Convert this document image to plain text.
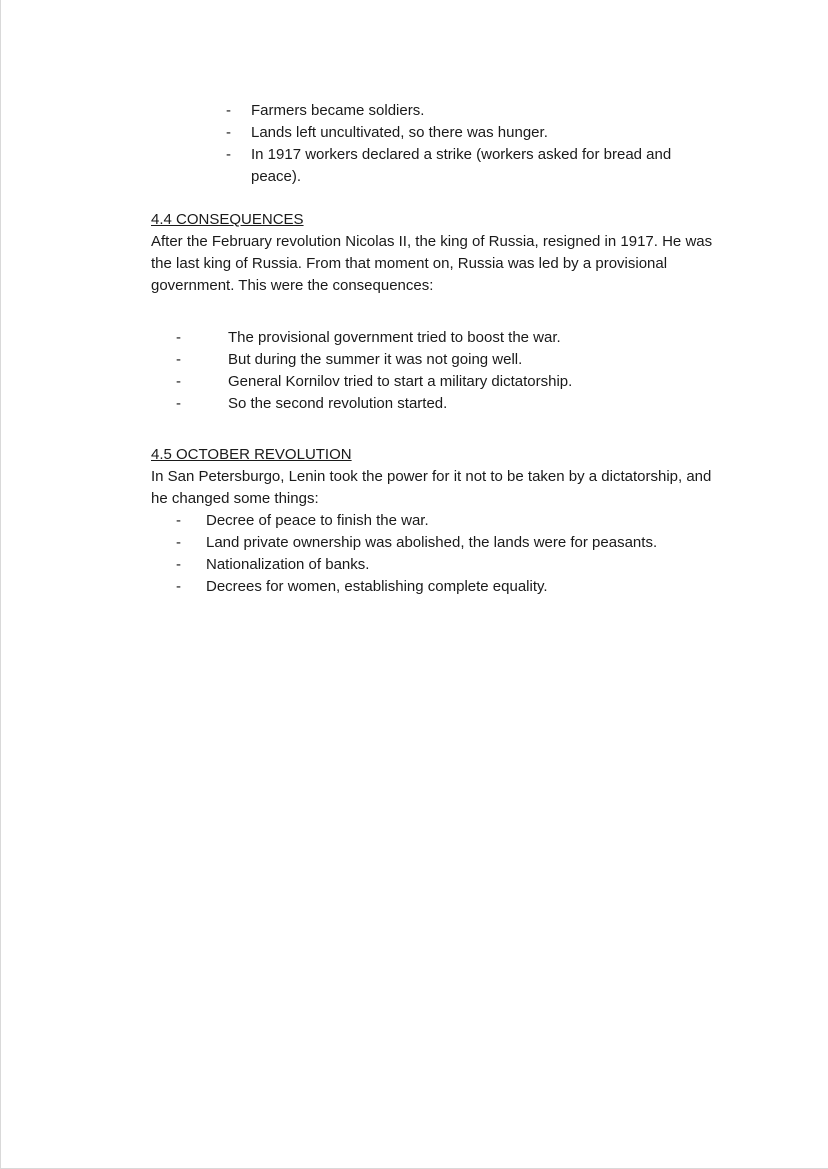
-	Farmers became soldiers.
-	Lands left uncultivated, so there was hunger.
-	In 1917 workers declared a strike (workers asked for bread and peace).
4.4 CONSEQUENCES

After the February revolution Nicolas II, the king of Russia, resigned in 1917. He was the last king of Russia. From that moment on, Russia was led by a provisional government. This were the consequences:

-	The provisional government tried to boost the war.
-	But during the summer it was not going well.
-	General Kornilov tried to start a military dictatorship.
-	So the second revolution started.
4.5 OCTOBER REVOLUTION

In San Petersburgo, Lenin took the power for it not to be taken by a dictatorship, and he changed some things:

-	Decree of peace to finish the war.
-	Land private ownership was abolished, the lands were for peasants.
-	Nationalization of banks.
-	Decrees for women, establishing complete equality.
